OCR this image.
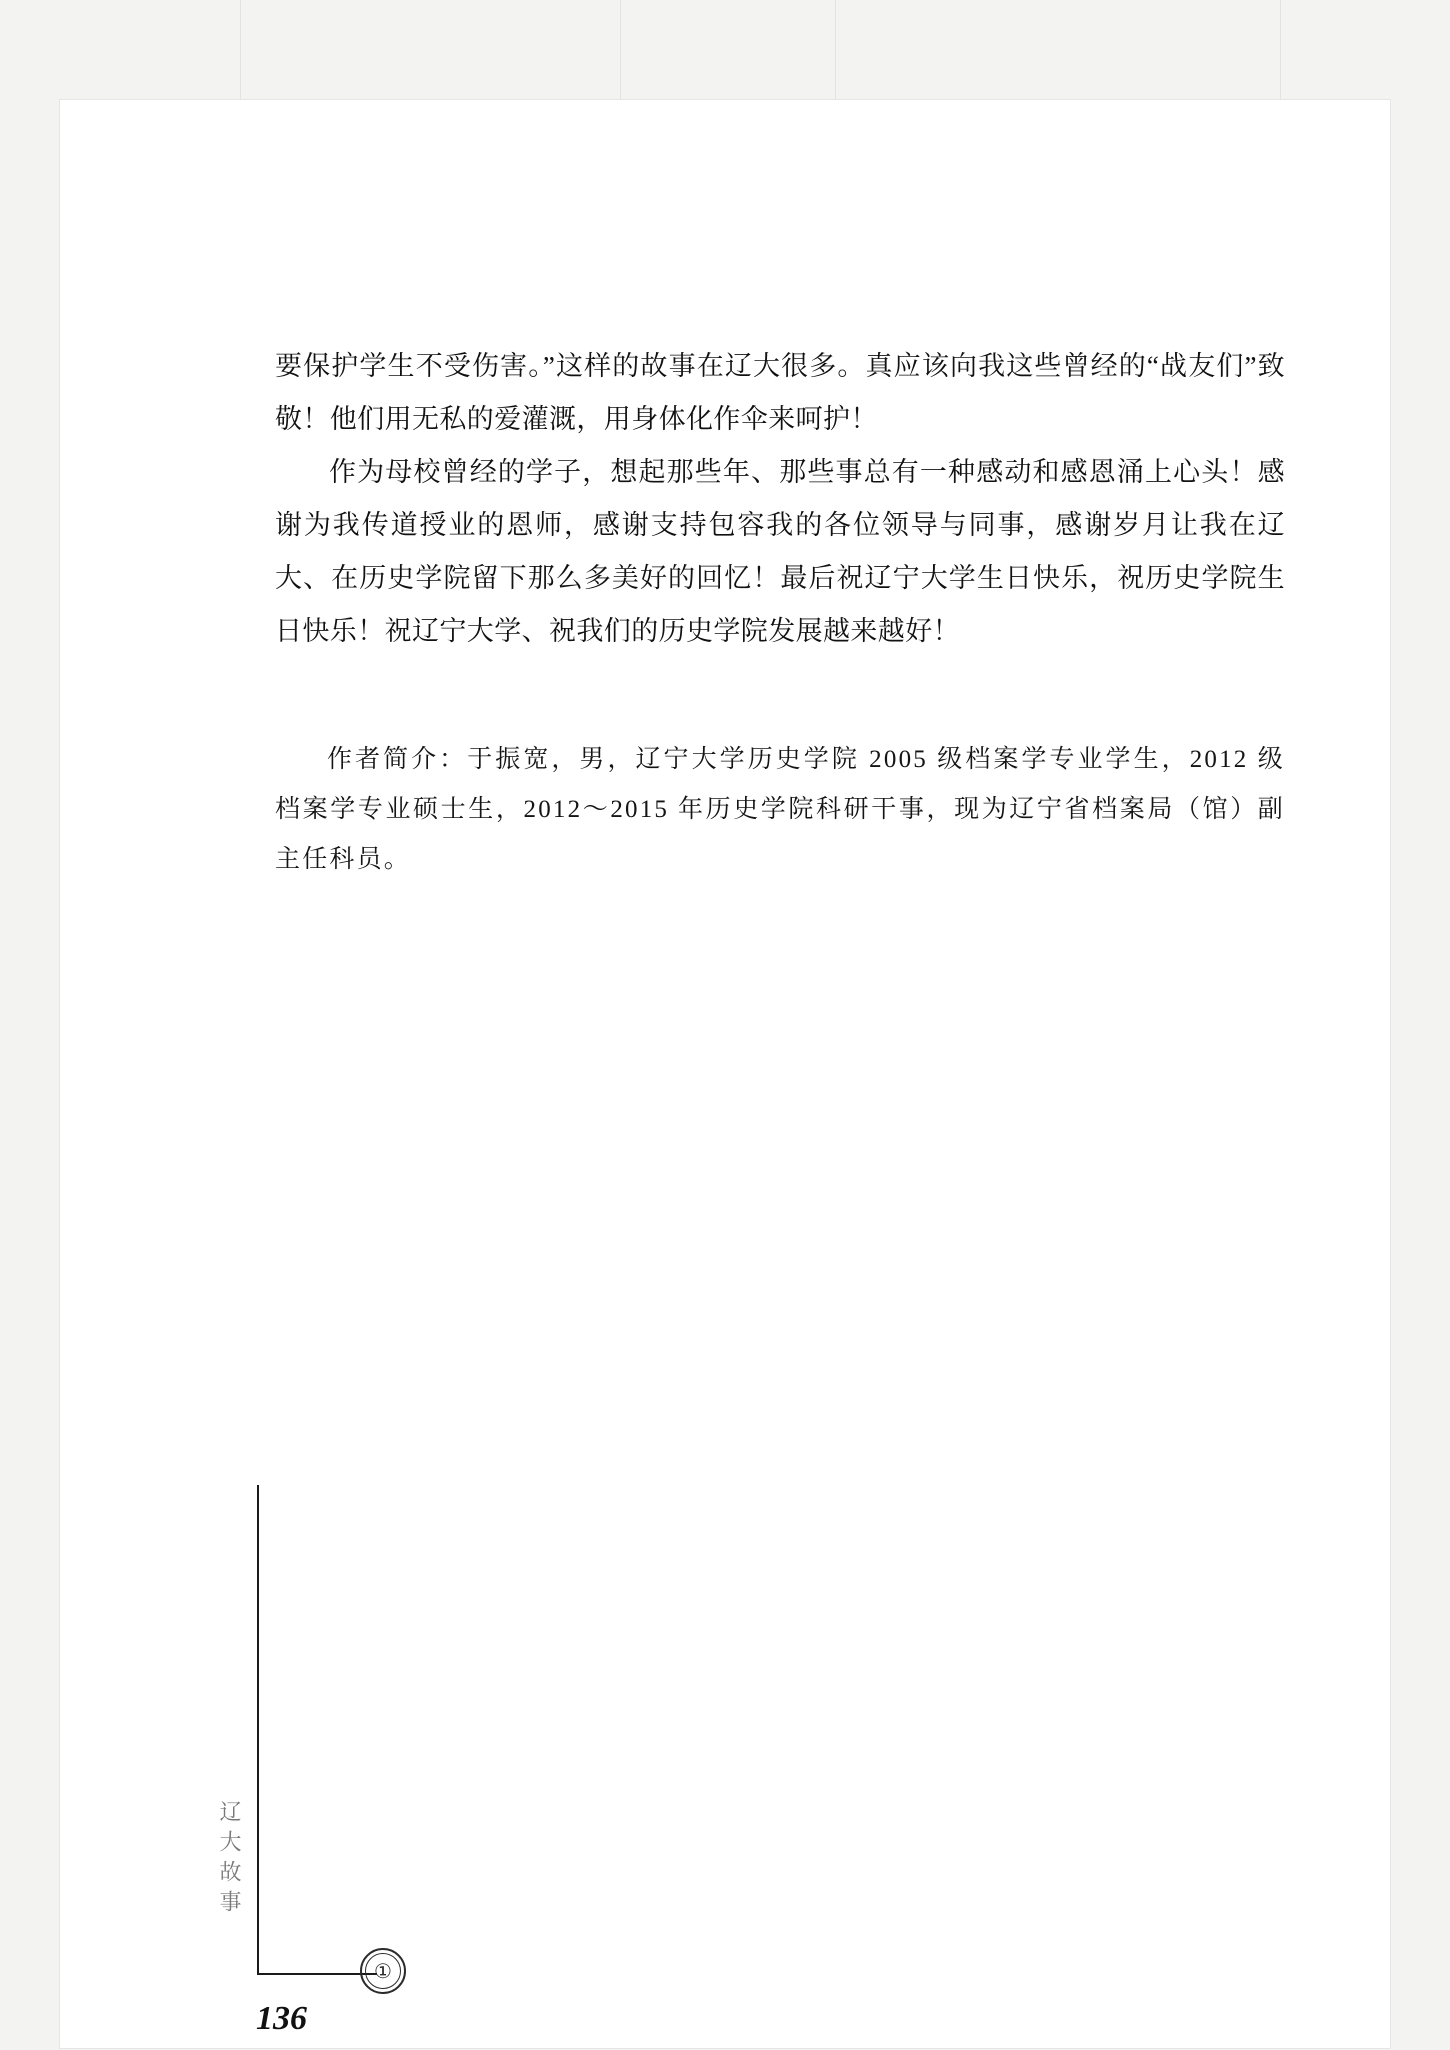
要保护学生不受伤害。”这样的故事在辽大很多。真应该向我这些曾经的“战友们”致敬！他们用无私的爱灌溉，用身体化作伞来呵护！

作为母校曾经的学子，想起那些年、那些事总有一种感动和感恩涌上心头！感谢为我传道授业的恩师，感谢支持包容我的各位领导与同事，感谢岁月让我在辽大、在历史学院留下那么多美好的回忆！最后祝辽宁大学生日快乐，祝历史学院生日快乐！祝辽宁大学、祝我们的历史学院发展越来越好！

作者简介：于振宽，男，辽宁大学历史学院 2005 级档案学专业学生，2012 级档案学专业硕士生，2012～2015 年历史学院科研干事，现为辽宁省档案局（馆）副主任科员。

辽大故事
①
136
